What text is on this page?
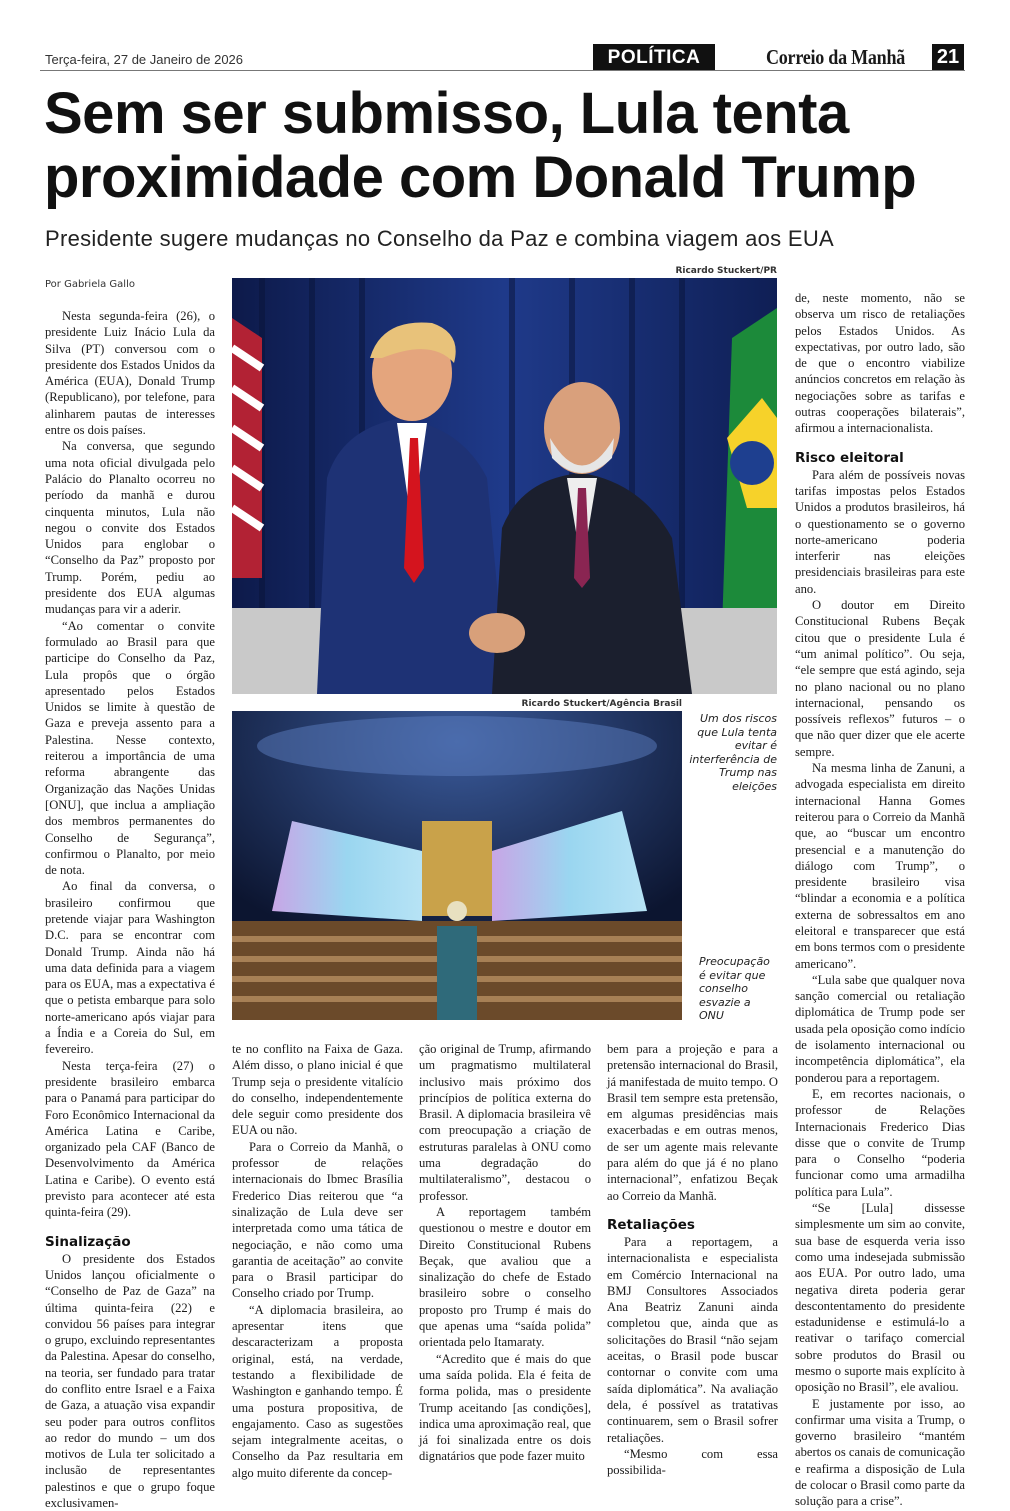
Terça-feira, 27 de Janeiro de 2026	POLÍTICA	Correio da Manhã 21
Sem ser submisso, Lula tenta proximidade com Donald Trump
Presidente sugere mudanças no Conselho da Paz e combina viagem aos EUA
Por Gabriela Gallo
Ricardo Stuckert/PR
Ricardo Stuckert/Agência Brasil
Um dos riscos que Lula tenta evitar é interferência de Trump nas eleições
Preocupação é evitar que conselho esvazie a ONU

Nesta segunda-feira (26), o presidente Luiz Inácio Lula da Silva (PT) conversou com o presidente dos Estados Unidos da América (EUA), Donald Trump (Republicano), por telefone, para alinharem pautas de interesses entre os dois países.

Na conversa, que segundo uma nota oficial divulgada pelo Palácio do Planalto ocorreu no período da manhã e durou cinquenta minutos, Lula não negou o convite dos Estados Unidos para englobar o “Conselho da Paz” proposto por Trump. Porém, pediu ao presidente dos EUA algumas mudanças para vir a aderir.

“Ao comentar o convite formulado ao Brasil para que participe do Conselho da Paz, Lula propôs que o órgão apresentado pelos Estados Unidos se limite à questão de Gaza e preveja assento para a Palestina. Nesse contexto, reiterou a importância de uma reforma abrangente das Organização das Nações Unidas [ONU], que inclua a ampliação dos membros permanentes do Conselho de Segurança”, confirmou o Planalto, por meio de nota.

Ao final da conversa, o brasileiro confirmou que pretende viajar para Washington D.C. para se encontrar com Donald Trump. Ainda não há uma data definida para a viagem para os EUA, mas a expectativa é que o petista embarque para solo norte-americano após viajar para a Índia e a Coreia do Sul, em fevereiro.

Nesta terça-feira (27) o presidente brasileiro embarca para o Panamá para participar do Foro Econômico Internacional da América Latina e Caribe, organizado pela CAF (Banco de Desenvolvimento da América Latina e Caribe). O evento está previsto para acontecer até esta quinta-feira (29).

Sinalização

O presidente dos Estados Unidos lançou oficialmente o “Conselho de Paz de Gaza” na última quinta-feira (22) e convidou 56 países para integrar o grupo, excluindo representantes da Palestina. Apesar do conselho, na teoria, ser fundado para tratar do conflito entre Israel e a Faixa de Gaza, a atuação visa expandir seu poder para outros conflitos ao redor do mundo – um dos motivos de Lula ter solicitado a inclusão de representantes palestinos e que o grupo foque exclusivamen-

te no conflito na Faixa de Gaza. Além disso, o plano inicial é que Trump seja o presidente vitalício do conselho, independentemente dele seguir como presidente dos EUA ou não.

Para o Correio da Manhã, o professor de relações internacionais do Ibmec Brasília Frederico Dias reiterou que “a sinalização de Lula deve ser interpretada como uma tática de negociação, e não como uma garantia de aceitação” ao convite para o Brasil participar do Conselho criado por Trump.

“A diplomacia brasileira, ao apresentar itens que descaracterizam a proposta original, está, na verdade, testando a flexibilidade de Washington e ganhando tempo. É uma postura propositiva, de engajamento. Caso as sugestões sejam integralmente aceitas, o Conselho da Paz resultaria em algo muito diferente da concep-

ção original de Trump, afirmando um pragmatismo multilateral inclusivo mais próximo dos princípios de política externa do Brasil. A diplomacia brasileira vê com preocupação a criação de estruturas paralelas à ONU como uma degradação do multilateralismo”, destacou o professor.

A reportagem também questionou o mestre e doutor em Direito Constitucional Rubens Beçak, que avaliou que a sinalização do chefe de Estado brasileiro sobre o conselho proposto pro Trump é mais do que apenas uma “saída polida” orientada pelo Itamaraty.

“Acredito que é mais do que uma saída polida. Ela é feita de forma polida, mas o presidente Trump aceitando [as condições], indica uma aproximação real, que já foi sinalizada entre os dois dignatários que pode fazer muito

bem para a projeção e para a pretensão internacional do Brasil, já manifestada de muito tempo. O Brasil tem sempre esta pretensão, em algumas presidências mais exacerbadas e em outras menos, de ser um agente mais relevante para além do que já é no plano internacional”, enfatizou Beçak ao Correio da Manhã.

Retaliações

Para a reportagem, a internacionalista e especialista em Comércio Internacional na BMJ Consultores Associados Ana Beatriz Zanuni ainda completou que, ainda que as solicitações do Brasil “não sejam aceitas, o Brasil pode buscar contornar o convite com uma saída diplomática”. Na avaliação dela, é possível as tratativas continuarem, sem o Brasil sofrer retaliações.

“Mesmo com essa possibilida-

de, neste momento, não se observa um risco de retaliações pelos Estados Unidos. As expectativas, por outro lado, são de que o encontro viabilize anúncios concretos em relação às negociações sobre as tarifas e outras cooperações bilaterais”, afirmou a internacionalista.

Risco eleitoral

Para além de possíveis novas tarifas impostas pelos Estados Unidos a produtos brasileiros, há o questionamento se o governo norte-americano poderia interferir nas eleições presidenciais brasileiras para este ano.

O doutor em Direito Constitucional Rubens Beçak citou que o presidente Lula é “um animal político”. Ou seja, “ele sempre que está agindo, seja no plano nacional ou no plano internacional, pensando os possíveis reflexos” futuros – o que não quer dizer que ele acerte sempre.

Na mesma linha de Zanuni, a advogada especialista em direito internacional Hanna Gomes reiterou para o Correio da Manhã que, ao “buscar um encontro presencial e a manutenção do diálogo com Trump”, o presidente brasileiro visa “blindar a economia e a política externa de sobressaltos em ano eleitoral e transparecer que está em bons termos com o presidente americano”.

“Lula sabe que qualquer nova sanção comercial ou retaliação diplomática de Trump pode ser usada pela oposição como indício de isolamento internacional ou incompetência diplomática”, ela ponderou para a reportagem.

E, em recortes nacionais, o professor de Relações Internacionais Frederico Dias disse que o convite de Trump para o Conselho “poderia funcionar como uma armadilha política para Lula”.

“Se [Lula] dissesse simplesmente um sim ao convite, sua base de esquerda veria isso como uma indesejada submissão aos EUA. Por outro lado, uma negativa direta poderia gerar descontentamento do presidente estadunidense e estimulá-lo a reativar o tarifaço comercial sobre produtos do Brasil ou mesmo o suporte mais explícito à oposição no Brasil”, ele avaliou.

E justamente por isso, ao confirmar uma visita a Trump, o governo brasileiro “mantém abertos os canais de comunicação e reafirma a disposição de Lula de colocar o Brasil como parte da solução para a crise”.
